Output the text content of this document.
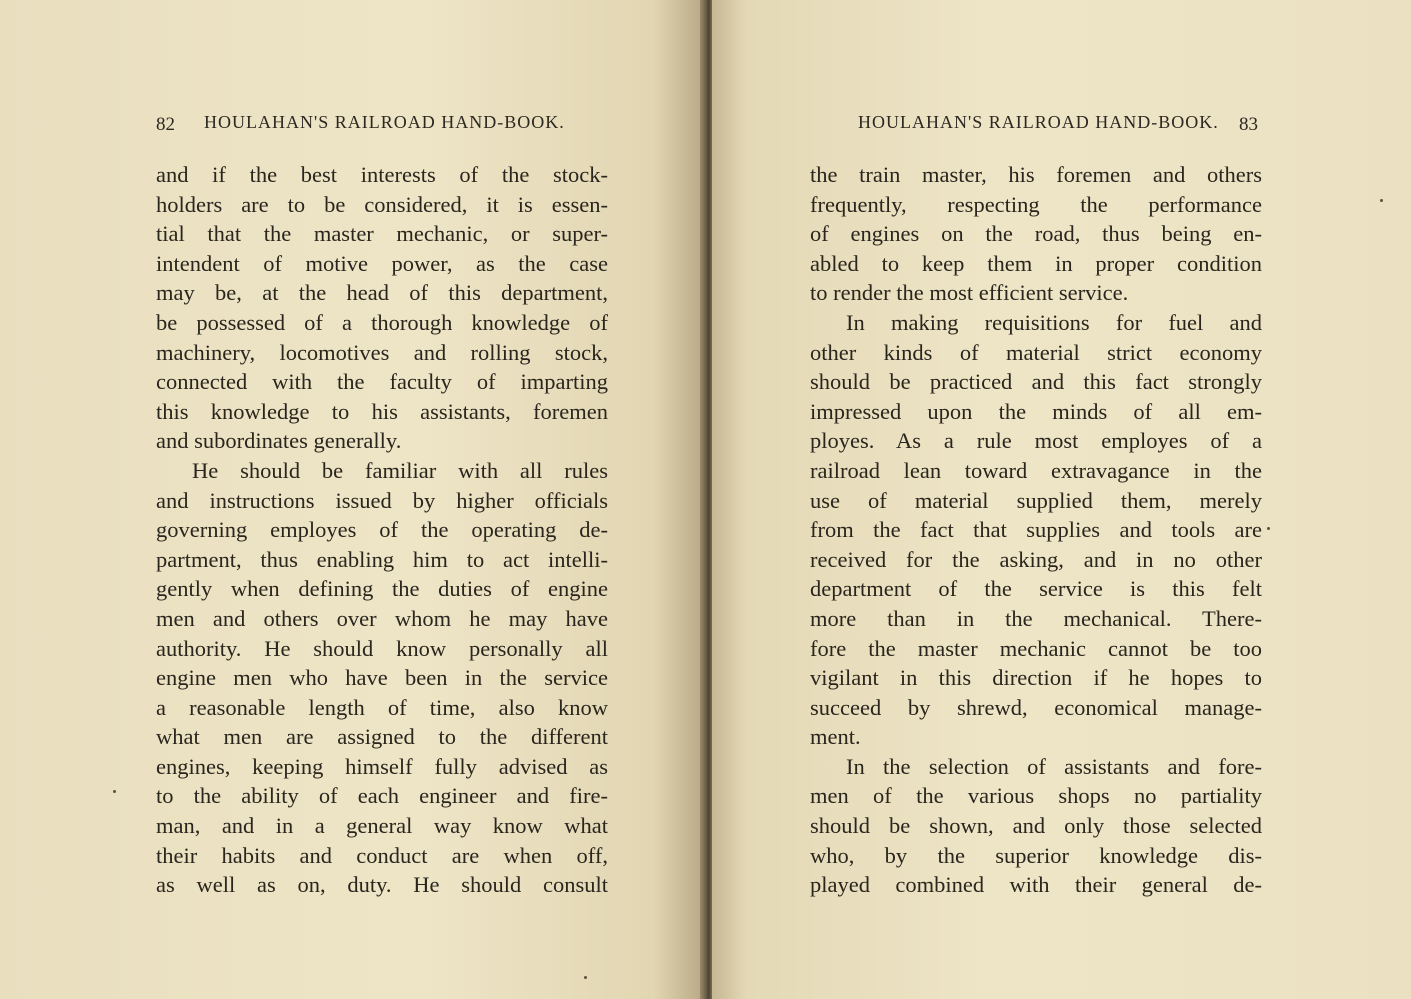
82 HOULAHAN'S RAILROAD HAND-BOOK.
and if the best interests of the stock-
holders are to be considered, it is essen-
tial that the master mechanic, or super-
intendent of motive power, as the case
may be, at the head of this department,
be possessed of a thorough knowledge of
machinery, locomotives and rolling stock,
connected with the faculty of imparting
this knowledge to his assistants, foremen
and subordinates generally.
He should be familiar with all rules
and instructions issued by higher officials
governing employes of the operating de-
partment, thus enabling him to act intelli-
gently when defining the duties of engine
men and others over whom he may have
authority. He should know personally all
engine men who have been in the service
a reasonable length of time, also know
what men are assigned to the different
engines, keeping himself fully advised as
to the ability of each engineer and fire-
man, and in a general way know what
their habits and conduct are when off,
as well as on, duty. He should consult
HOULAHAN'S RAILROAD HAND-BOOK. 83
the train master, his foremen and others
frequently, respecting the performance
of engines on the road, thus being en-
abled to keep them in proper condition
to render the most efficient service.
In making requisitions for fuel and
other kinds of material strict economy
should be practiced and this fact strongly
impressed upon the minds of all em-
ployes. As a rule most employes of a
railroad lean toward extravagance in the
use of material supplied them, merely
from the fact that supplies and tools are
received for the asking, and in no other
department of the service is this felt
more than in the mechanical. There-
fore the master mechanic cannot be too
vigilant in this direction if he hopes to
succeed by shrewd, economical manage-
ment.
In the selection of assistants and fore-
men of the various shops no partiality
should be shown, and only those selected
who, by the superior knowledge dis-
played combined with their general de-
